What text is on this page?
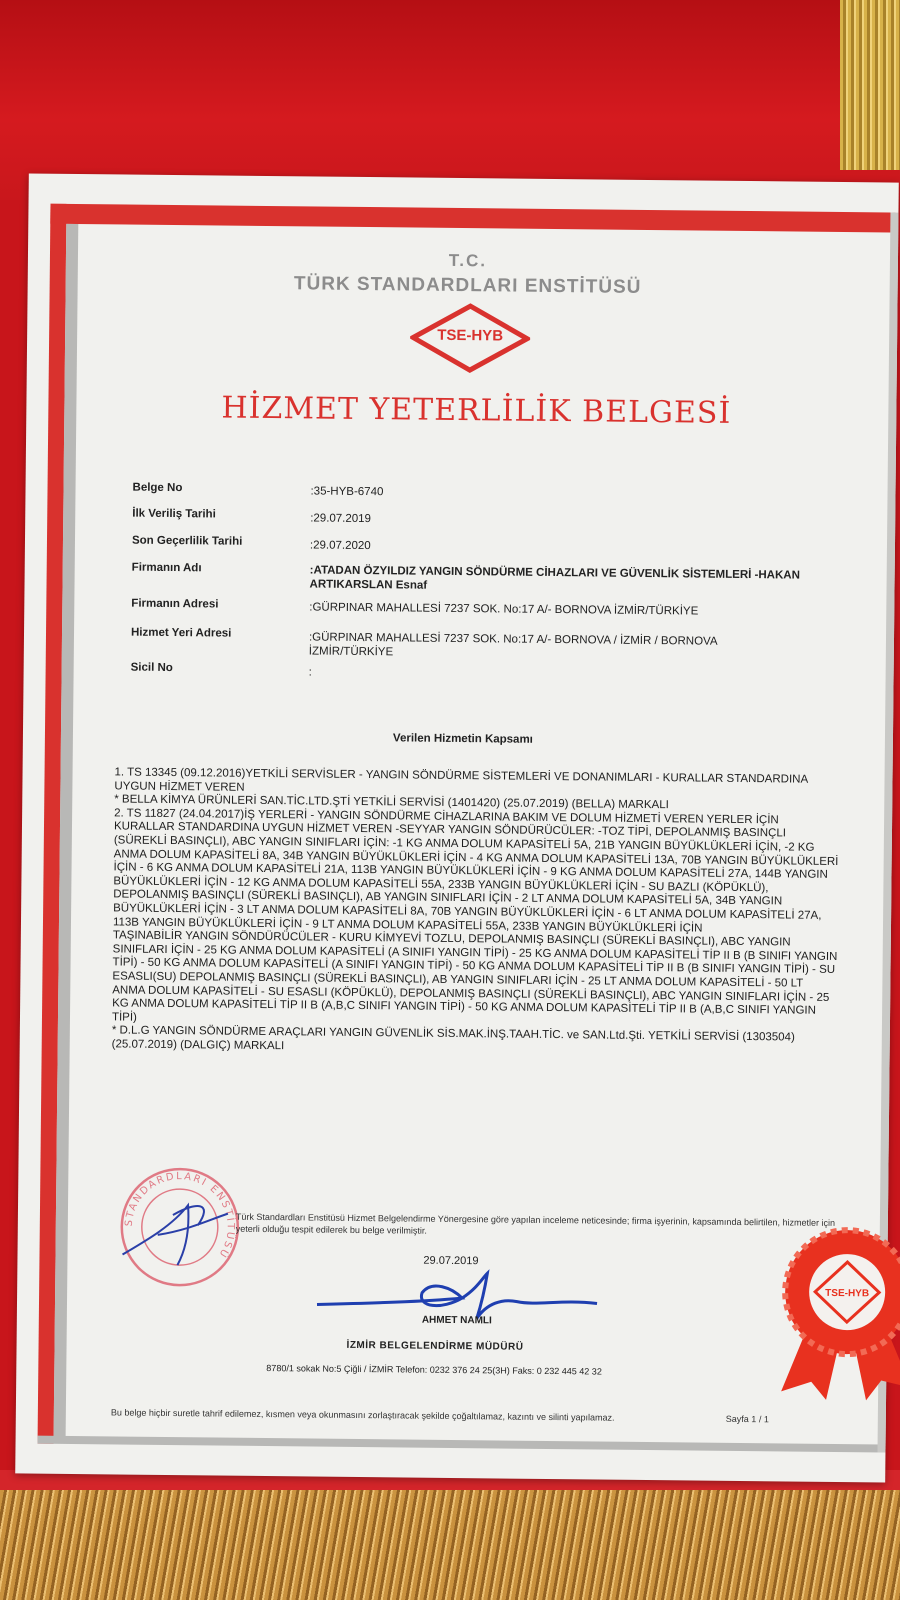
T.C.
TÜRK STANDARDLARI ENSTİTÜSÜ
TSE-HYB
HİZMET YETERLİLİK BELGESİ
Belge No	:35-HYB-6740
İlk Veriliş Tarihi	:29.07.2019
Son Geçerlilik Tarihi	:29.07.2020
Firmanın Adı	:ATADAN ÖZYILDIZ YANGIN SÖNDÜRME CİHAZLARI VE GÜVENLİK SİSTEMLERİ -HAKAN ARTIKARSLAN Esnaf
Firmanın Adresi	:GÜRPINAR MAHALLESİ 7237 SOK. No:17 A/- BORNOVA İZMİR/TÜRKİYE
Hizmet Yeri Adresi	:GÜRPINAR MAHALLESİ 7237 SOK. No:17 A/- BORNOVA / İZMİR / BORNOVA İZMİR/TÜRKİYE
Sicil No	:
Verilen Hizmetin Kapsamı

1. TS 13345 (09.12.2016)YETKİLİ SERVİSLER - YANGIN SÖNDÜRME SİSTEMLERİ VE DONANIMLARI - KURALLAR STANDARDINA UYGUN HİZMET VEREN

* BELLA KİMYA ÜRÜNLERİ SAN.TİC.LTD.ŞTİ YETKİLİ SERVİSİ (1401420) (25.07.2019) (BELLA) MARKALI

2. TS 11827 (24.04.2017)İŞ YERLERİ - YANGIN SÖNDÜRME CİHAZLARINA BAKIM VE DOLUM HİZMETİ VEREN YERLER İÇİN KURALLAR STANDARDINA UYGUN HİZMET VEREN -SEYYAR YANGIN SÖNDÜRÜCÜLER: -TOZ TİPİ, DEPOLANMIŞ BASINÇLI (SÜREKLİ BASINÇLI), ABC YANGIN SINIFLARI İÇİN: -1 KG ANMA DOLUM KAPASİTELİ 5A, 21B YANGIN BÜYÜKLÜKLERİ İÇİN, -2 KG ANMA DOLUM KAPASİTELİ 8A, 34B YANGIN BÜYÜKLÜKLERİ İÇİN - 4 KG ANMA DOLUM KAPASİTELİ 13A, 70B YANGIN BÜYÜKLÜKLERİ İÇİN - 6 KG ANMA DOLUM KAPASİTELİ 21A, 113B YANGIN BÜYÜKLÜKLERİ İÇİN - 9 KG ANMA DOLUM KAPASİTELİ 27A, 144B YANGIN BÜYÜKLÜKLERİ İÇİN - 12 KG ANMA DOLUM KAPASİTELİ 55A, 233B YANGIN BÜYÜKLÜKLERİ İÇİN - SU BAZLI (KÖPÜKLÜ), DEPOLANMIŞ BASINÇLI (SÜREKLİ BASINÇLI), AB YANGIN SINIFLARI İÇİN - 2 LT ANMA DOLUM KAPASİTELİ 5A, 34B YANGIN BÜYÜKLÜKLERİ İÇİN - 3 LT ANMA DOLUM KAPASİTELİ 8A, 70B YANGIN BÜYÜKLÜKLERİ İÇİN - 6 LT ANMA DOLUM KAPASİTELİ 27A, 113B YANGIN BÜYÜKLÜKLERİ İÇİN - 9 LT ANMA DOLUM KAPASİTELİ 55A, 233B YANGIN BÜYÜKLÜKLERİ İÇİN

TAŞINABİLİR YANGIN SÖNDÜRÜCÜLER - KURU KİMYEVİ TOZLU, DEPOLANMIŞ BASINÇLI (SÜREKLİ BASINÇLI), ABC YANGIN SINIFLARI İÇİN - 25 KG ANMA DOLUM KAPASİTELİ (A SINIFI YANGIN TİPİ) - 25 KG ANMA DOLUM KAPASİTELİ TİP II B (B SINIFI YANGIN TİPİ) - 50 KG ANMA DOLUM KAPASİTELİ (A SINIFI YANGIN TİPİ) - 50 KG ANMA DOLUM KAPASİTELİ TİP II B (B SINIFI YANGIN TİPİ) - SU ESASLI(SU) DEPOLANMIŞ BASINÇLI (SÜREKLİ BASINÇLI), AB YANGIN SINIFLARI İÇİN - 25 LT ANMA DOLUM KAPASİTELİ - 50 LT ANMA DOLUM KAPASİTELİ - SU ESASLI (KÖPÜKLÜ), DEPOLANMIŞ BASINÇLI (SÜREKLİ BASINÇLI), ABC YANGIN SINIFLARI İÇİN - 25 KG ANMA DOLUM KAPASİTELİ TİP II B (A,B,C SINIFI YANGIN TİPİ) - 50 KG ANMA DOLUM KAPASİTELİ TİP II B (A,B,C SINIFI YANGIN TİPİ)

* D.L.G YANGIN SÖNDÜRME ARAÇLARI YANGIN GÜVENLİK SİS.MAK.İNŞ.TAAH.TİC. ve SAN.Ltd.Şti. YETKİLİ SERVİSİ (1303504) (25.07.2019) (DALGIÇ) MARKALI

STANDARDLARI ENSTİTÜSÜ
Türk Standardları Enstitüsü Hizmet Belgelendirme Yönergesine göre yapılan inceleme neticesinde; firma işyerinin, kapsamında belirtilen, hizmetler için yeterli olduğu tespit edilerek bu belge verilmiştir.
29.07.2019
AHMET NAMLI
İZMİR BELGELENDİRME MÜDÜRÜ
8780/1 sokak No:5 Çiğli / İZMİR Telefon: 0232 376 24 25(3H) Faks: 0 232 445 42 32
Bu belge hiçbir suretle tahrif edilemez, kısmen veya okunmasını zorlaştıracak şekilde çoğaltılamaz, kazıntı ve silinti yapılamaz.	Sayfa 1 / 1
TSE-HYB
